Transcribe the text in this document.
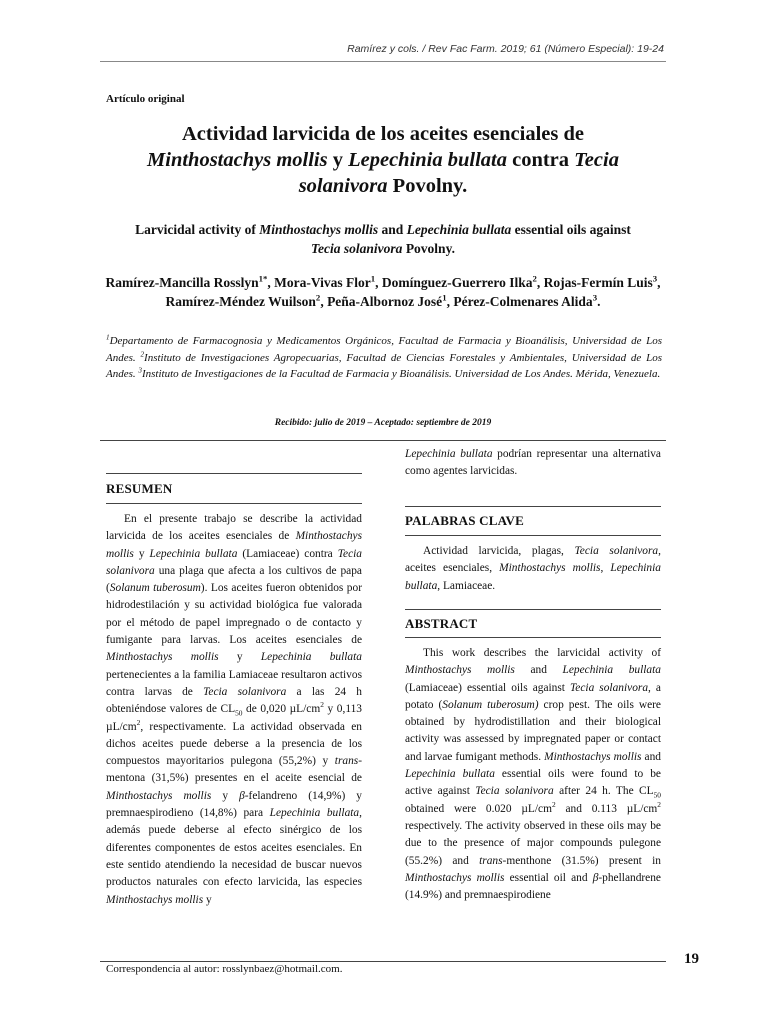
Ramírez y cols. / Rev Fac Farm. 2019; 61 (Número Especial): 19-24
Artículo original
Actividad larvicida de los aceites esenciales de
Minthostachys mollis y Lepechinia bullata contra Tecia
solanivora Povolny.
Larvicidal activity of Minthostachys mollis and Lepechinia bullata essential oils against
Tecia solanivora Povolny.
Ramírez-Mancilla Rosslyn$^{1*}$, Mora-Vivas Flor$^1$, Domínguez-Guerrero Ilka$^2$, Rojas-Fermín Luis$^3$, Ramírez-Méndez Wuilson$^2$, Peña-Albornoz José$^1$, Pérez-Colmenares Alida$^3$.
$^1$Departamento de Farmacognosia y Medicamentos Orgánicos, Facultad de Farmacia y Bioanálisis, Universidad de Los Andes. $^2$Instituto de Investigaciones Agropecuarias, Facultad de Ciencias Forestales y Ambientales, Universidad de Los Andes. $^3$Instituto de Investigaciones de la Facultad de Farmacia y Bioanálisis. Universidad de Los Andes. Mérida, Venezuela.
Recibido: julio de 2019 – Aceptado: septiembre de 2019
RESUMEN

En el presente trabajo se describe la actividad larvicida de los aceites esenciales de Minthostachys mollis y Lepechinia bullata (Lamiaceae) contra Tecia solanivora una plaga que afecta a los cultivos de papa (Solanum tuberosum). Los aceites fueron obtenidos por hidrodestilación y su actividad biológica fue valorada por el método de papel impregnado o de contacto y fumigante para larvas. Los aceites esenciales de Minthostachys mollis y Lepechinia bullata pertenecientes a la familia Lamiaceae resultaron activos contra larvas de Tecia solanivora a las 24 h obteniéndose valores de $CL_{50}$ de 0,020 $\mu L/cm^2$ y 0,113 $\mu L/cm^2$, respectivamente. La actividad observada en dichos aceites puede deberse a la presencia de los compuestos mayoritarios pulegona (55,2%) y trans-mentona (31,5%) presentes en el aceite esencial de Minthostachys mollis y β-felandreno (14,9%) y premnaespirodieno (14,8%) para Lepechinia bullata, además puede deberse al efecto sinérgico de los diferentes componentes de estos aceites esenciales. En este sentido atendiendo la necesidad de buscar nuevos productos naturales con efecto larvicida, las especies Minthostachys mollis y

Lepechinia bullata podrían representar una alternativa como agentes larvicidas.

PALABRAS CLAVE

Actividad larvicida, plagas, Tecia solanivora, aceites esenciales, Minthostachys mollis, Lepechinia bullata, Lamiaceae.

ABSTRACT

This work describes the larvicidal activity of Minthostachys mollis and Lepechinia bullata (Lamiaceae) essential oils against Tecia solanivora, a potato (Solanum tuberosum) crop pest. The oils were obtained by hydrodistillation and their biological activity was assessed by impregnated paper or contact and larvae fumigant methods. Minthostachys mollis and Lepechinia bullata essential oils were found to be active against Tecia solanivora after 24 h. The $CL_{50}$ obtained were 0.020 $\mu L/cm^2$ and 0.113 $\mu L/cm^2$ respectively. The activity observed in these oils may be due to the presence of major compounds pulegone (55.2%) and trans-menthone (31.5%) present in Minthostachys mollis essential oil and β-phellandrene (14.9%) and premnaespirodiene

Correspondencia al autor: rosslynbaez@hotmail.com.
19
